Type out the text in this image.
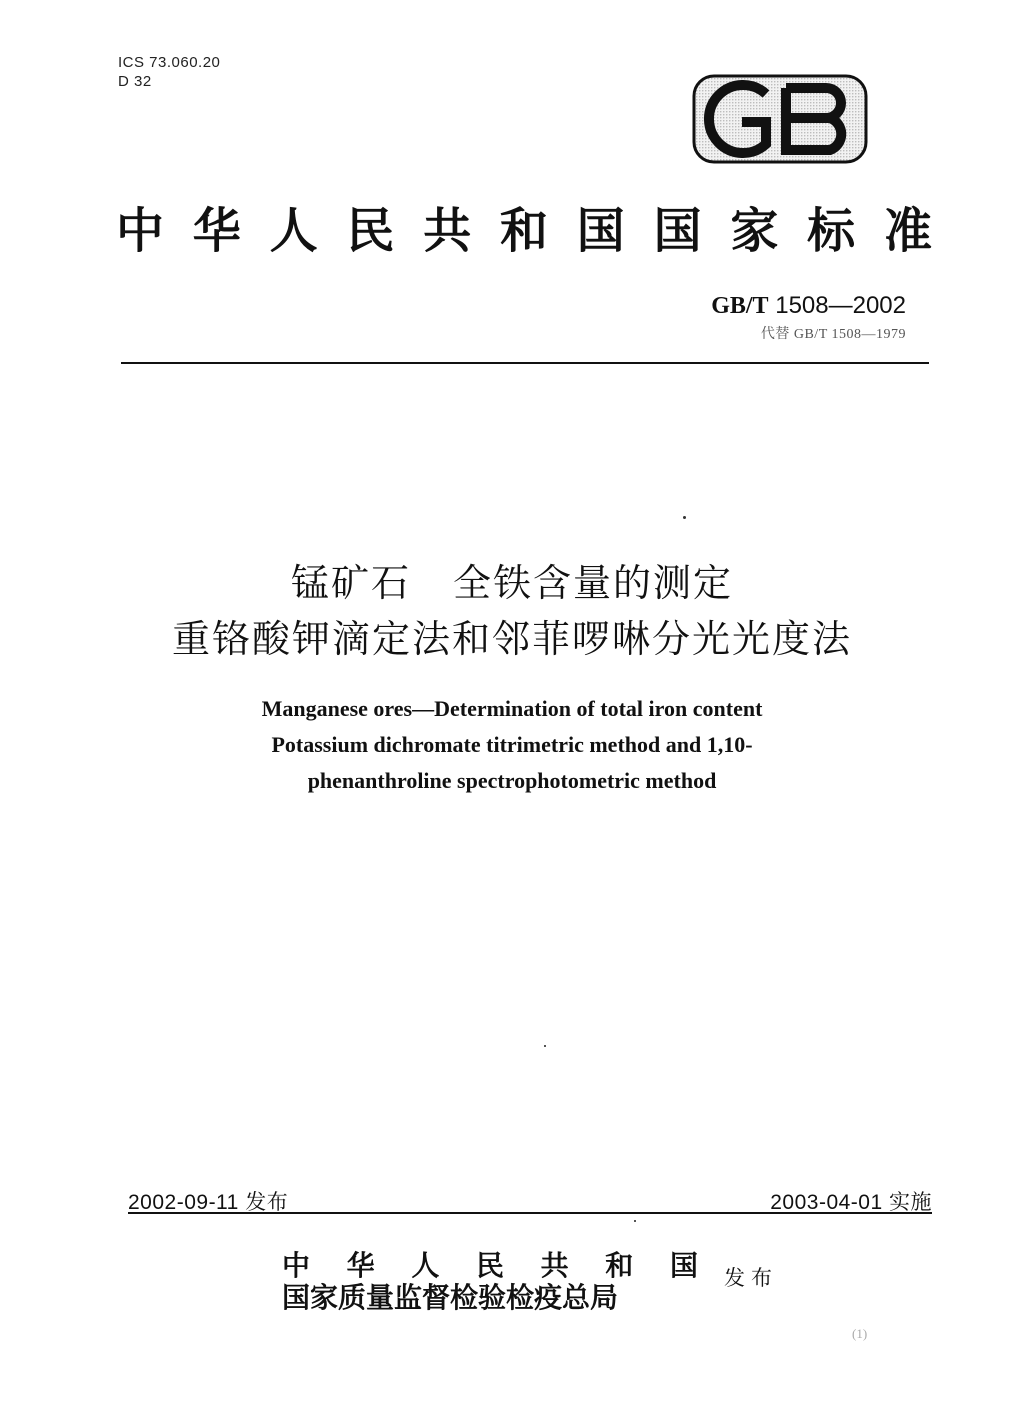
ICS 73.060.20
D 32
GB
中 华 人 民 共 和 国 国 家 标 准
GB/T 1508—2002
代替 GB/T 1508—1979
锰矿石 全铁含量的测定
重铬酸钾滴定法和邻菲啰啉分光光度法
Manganese ores—Determination of total iron content
Potassium dichromate titrimetric method and 1,10-
phenanthroline spectrophotometric method
2002-09-11 发布	2003-04-01 实施
中 华 人 民 共 和 国
国家质量监督检验检疫总局
发布
(1)
